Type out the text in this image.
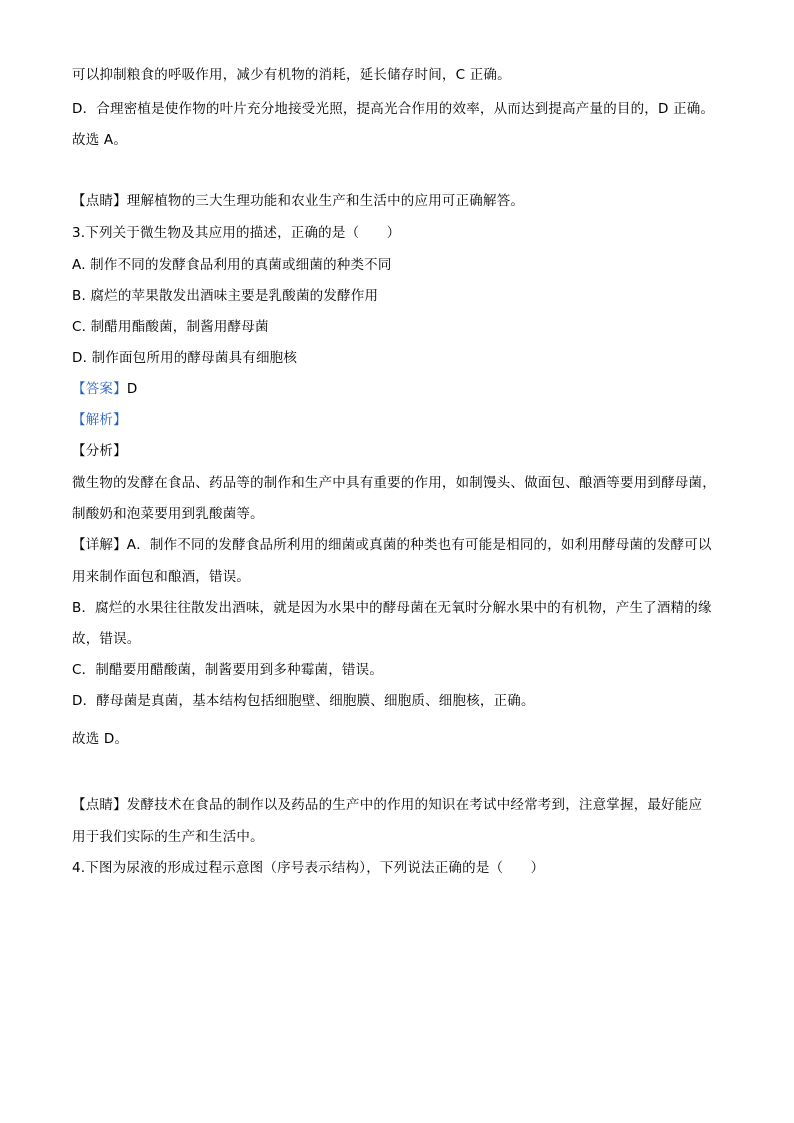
可以抑制粮食的呼吸作用，减少有机物的消耗，延长储存时间，C 正确。
D．合理密植是使作物的叶片充分地接受光照，提高光合作用的效率，从而达到提高产量的目的，D 正确。
故选 A。
【点睛】理解植物的三大生理功能和农业生产和生活中的应用可正确解答。
3.下列关于微生物及其应用的描述，正确的是（　　）
A. 制作不同的发酵食品利用的真菌或细菌的种类不同
B. 腐烂的苹果散发出酒味主要是乳酸菌的发酵作用
C. 制醋用酯酸菌，制酱用酵母菌
D. 制作面包所用的酵母菌具有细胞核
【答案】D
【解析】
【分析】
微生物的发酵在食品、药品等的制作和生产中具有重要的作用，如制馒头、做面包、酿酒等要用到酵母菌，
制酸奶和泡菜要用到乳酸菌等。
【详解】A．制作不同的发酵食品所利用的细菌或真菌的种类也有可能是相同的，如利用酵母菌的发酵可以
用来制作面包和酿酒，错误。
B．腐烂的水果往往散发出酒味，就是因为水果中的酵母菌在无氧时分解水果中的有机物，产生了酒精的缘
故，错误。
C．制醋要用醋酸菌，制酱要用到多种霉菌，错误。
D．酵母菌是真菌，基本结构包括细胞壁、细胞膜、细胞质、细胞核，正确。
故选 D。
【点睛】发酵技术在食品的制作以及药品的生产中的作用的知识在考试中经常考到，注意掌握，最好能应
用于我们实际的生产和生活中。
4.下图为尿液的形成过程示意图（序号表示结构），下列说法正确的是（　　）
